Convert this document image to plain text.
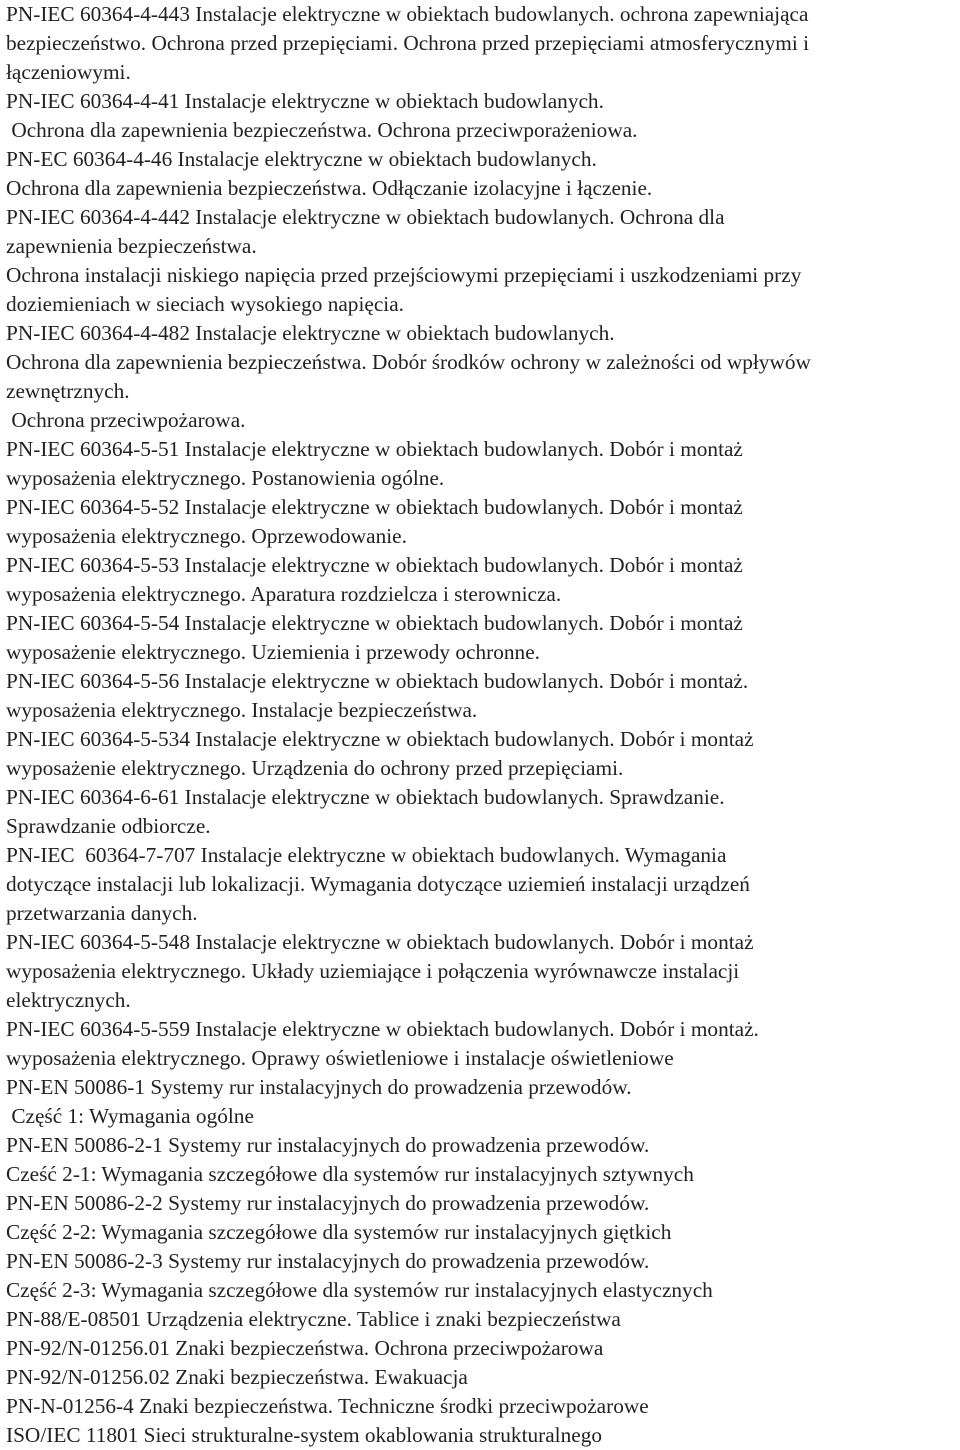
PN-IEC 60364-4-443 Instalacje elektryczne w obiektach budowlanych. ochrona zapewniająca
bezpieczeństwo. Ochrona przed przepięciami. Ochrona przed przepięciami atmosferycznymi i
łączeniowymi.
PN-IEC 60364-4-41 Instalacje elektryczne w obiektach budowlanych.
Ochrona dla zapewnienia bezpieczeństwa. Ochrona przeciwporażeniowa.
PN-EC 60364-4-46 Instalacje elektryczne w obiektach budowlanych.
Ochrona dla zapewnienia bezpieczeństwa. Odłączanie izolacyjne i łączenie.
PN-IEC 60364-4-442 Instalacje elektryczne w obiektach budowlanych. Ochrona dla
zapewnienia bezpieczeństwa.
Ochrona instalacji niskiego napięcia przed przejściowymi przepięciami i uszkodzeniami przy
doziemieniach w sieciach wysokiego napięcia.
PN-IEC 60364-4-482 Instalacje elektryczne w obiektach budowlanych.
Ochrona dla zapewnienia bezpieczeństwa. Dobór środków ochrony w zależności od wpływów
zewnętrznych.
Ochrona przeciwpożarowa.
PN-IEC 60364-5-51 Instalacje elektryczne w obiektach budowlanych. Dobór i montaż
wyposażenia elektrycznego. Postanowienia ogólne.
PN-IEC 60364-5-52 Instalacje elektryczne w obiektach budowlanych. Dobór i montaż
wyposażenia elektrycznego. Oprzewodowanie.
PN-IEC 60364-5-53 Instalacje elektryczne w obiektach budowlanych. Dobór i montaż
wyposażenia elektrycznego. Aparatura rozdzielcza i sterownicza.
PN-IEC 60364-5-54 Instalacje elektryczne w obiektach budowlanych. Dobór i montaż
wyposażenie elektrycznego. Uziemienia i przewody ochronne.
PN-IEC 60364-5-56 Instalacje elektryczne w obiektach budowlanych. Dobór i montaż.
wyposażenia elektrycznego. Instalacje bezpieczeństwa.
PN-IEC 60364-5-534 Instalacje elektryczne w obiektach budowlanych. Dobór i montaż
wyposażenie elektrycznego. Urządzenia do ochrony przed przepięciami.
PN-IEC 60364-6-61 Instalacje elektryczne w obiektach budowlanych. Sprawdzanie.
Sprawdzanie odbiorcze.
PN-IEC  60364-7-707 Instalacje elektryczne w obiektach budowlanych. Wymagania
dotyczące instalacji lub lokalizacji. Wymagania dotyczące uziemień instalacji urządzeń
przetwarzania danych.
PN-IEC 60364-5-548 Instalacje elektryczne w obiektach budowlanych. Dobór i montaż
wyposażenia elektrycznego. Układy uziemiające i połączenia wyrównawcze instalacji
elektrycznych.
PN-IEC 60364-5-559 Instalacje elektryczne w obiektach budowlanych. Dobór i montaż.
wyposażenia elektrycznego. Oprawy oświetleniowe i instalacje oświetleniowe
PN-EN 50086-1 Systemy rur instalacyjnych do prowadzenia przewodów.
Część 1: Wymagania ogólne
PN-EN 50086-2-1 Systemy rur instalacyjnych do prowadzenia przewodów.
Cześć 2-1: Wymagania szczegółowe dla systemów rur instalacyjnych sztywnych
PN-EN 50086-2-2 Systemy rur instalacyjnych do prowadzenia przewodów.
Część 2-2: Wymagania szczegółowe dla systemów rur instalacyjnych giętkich
PN-EN 50086-2-3 Systemy rur instalacyjnych do prowadzenia przewodów.
Część 2-3: Wymagania szczegółowe dla systemów rur instalacyjnych elastycznych
PN-88/E-08501 Urządzenia elektryczne. Tablice i znaki bezpieczeństwa
PN-92/N-01256.01 Znaki bezpieczeństwa. Ochrona przeciwpożarowa
PN-92/N-01256.02 Znaki bezpieczeństwa. Ewakuacja
PN-N-01256-4 Znaki bezpieczeństwa. Techniczne środki przeciwpożarowe
ISO/IEC 11801 Sieci strukturalne-system okablowania strukturalnego
